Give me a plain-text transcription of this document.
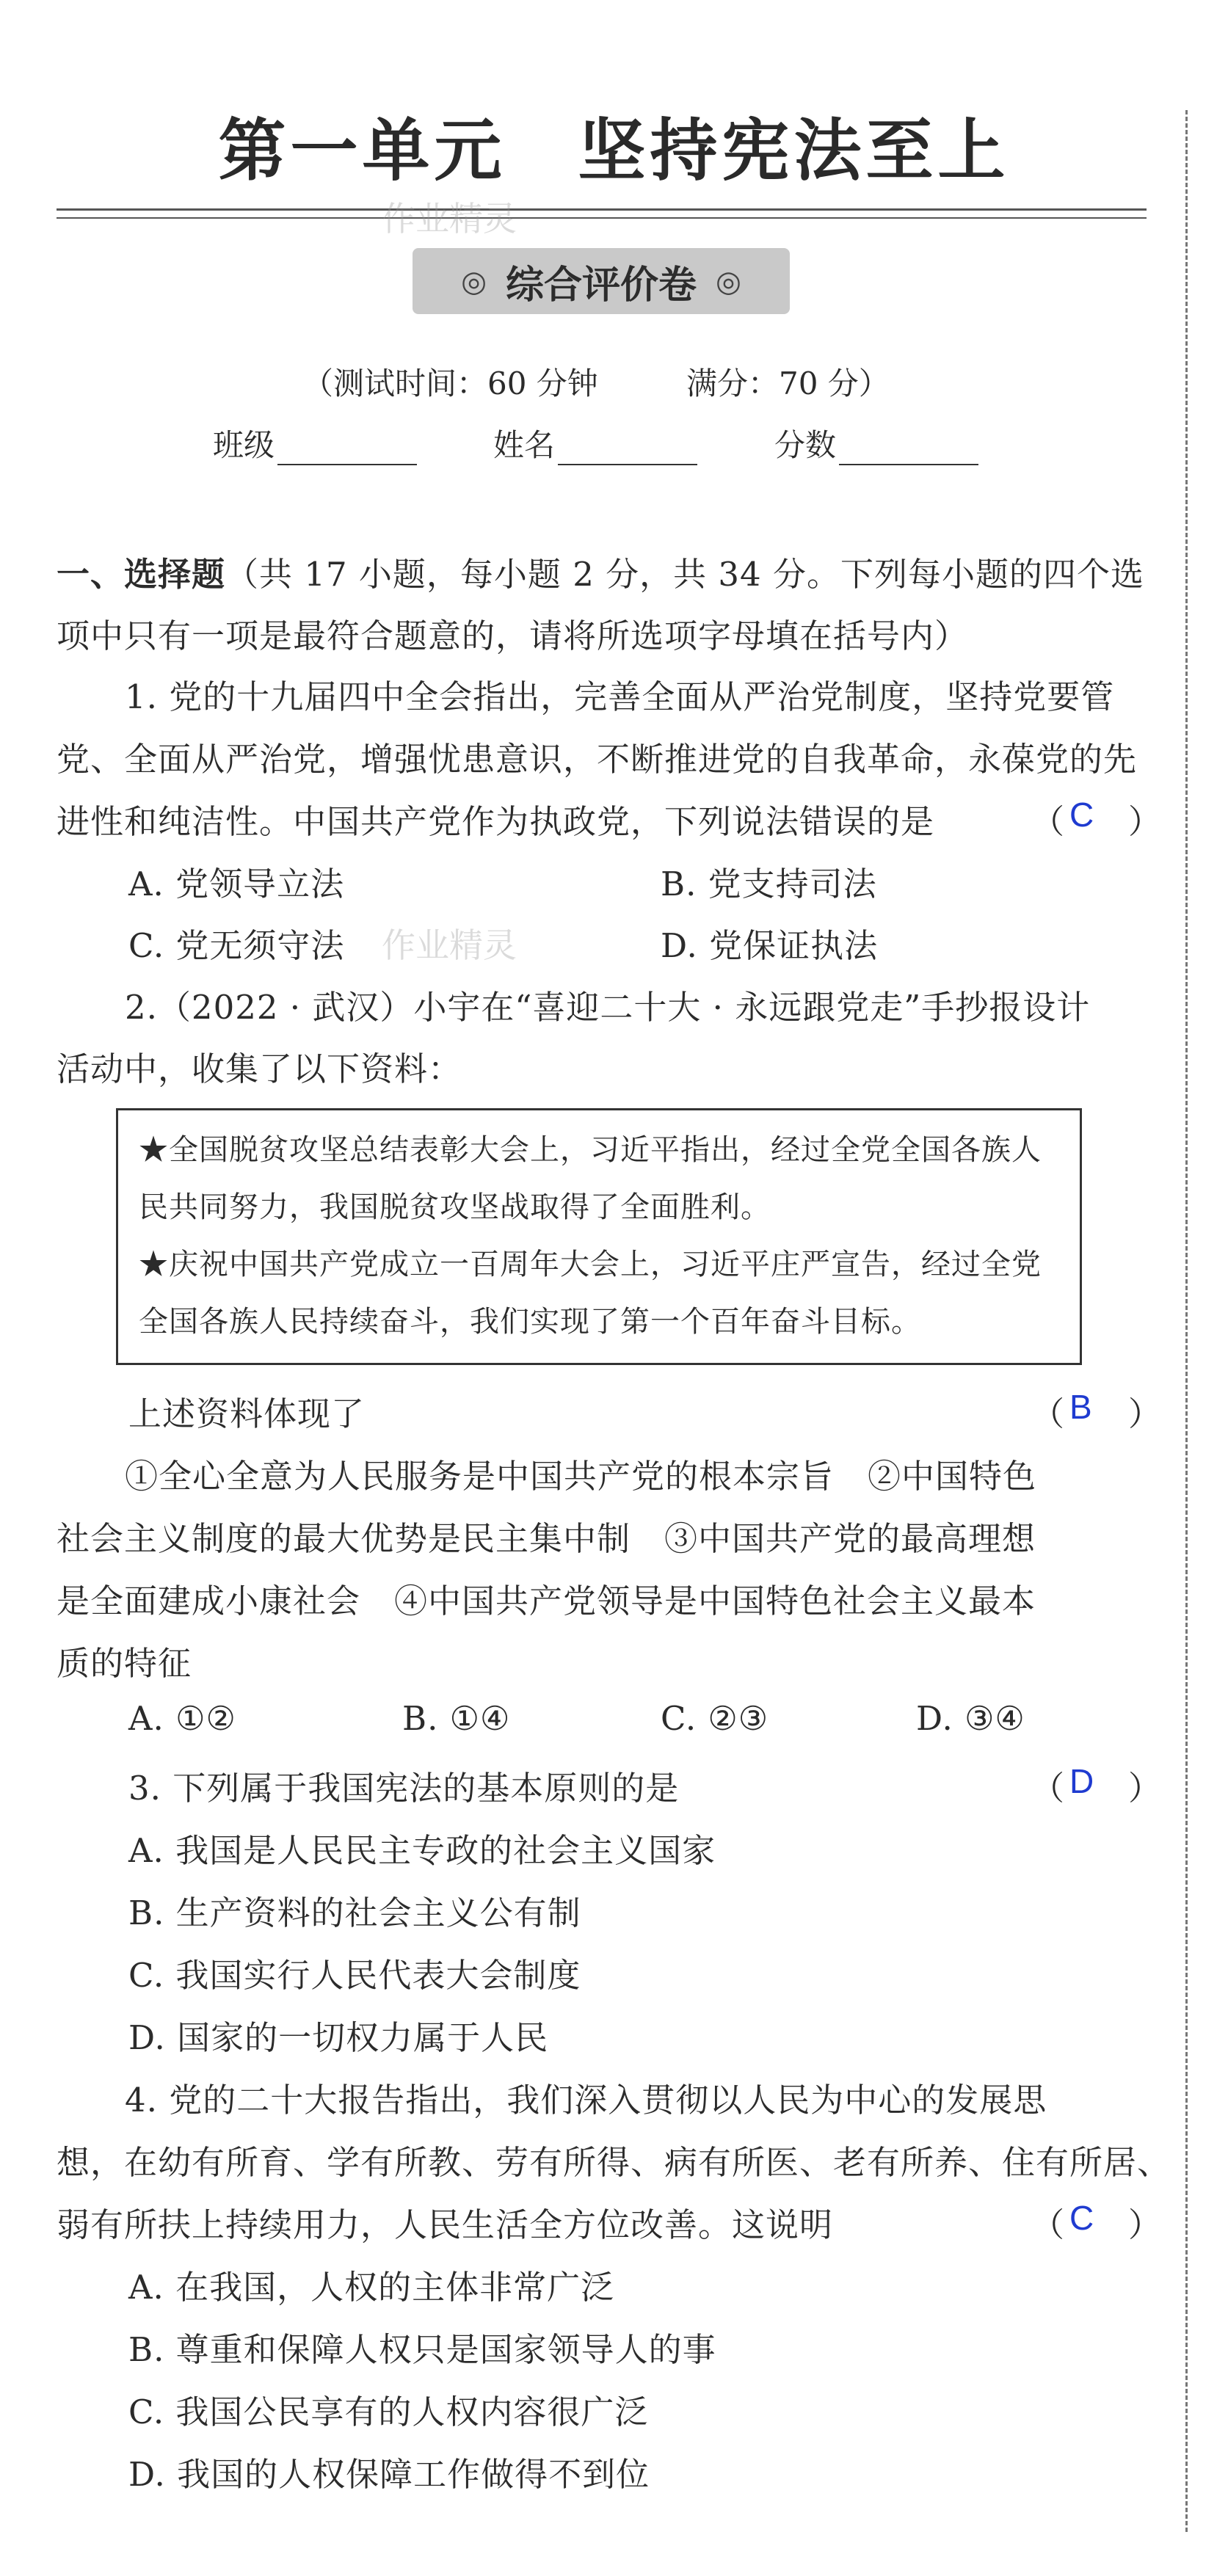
第一单元　坚持宪法至上
作业精灵
◎ 综合评价卷 ◎
（测试时间：60 分钟	满分：70 分）
班级	姓名	分数
一、选择题（共 17 小题，每小题 2 分，共 34 分。下列每小题的四个选
项中只有一项是最符合题意的，请将所选项字母填在括号内）
1. 党的十九届四中全会指出，完善全面从严治党制度，坚持党要管
党、全面从严治党，增强忧患意识，不断推进党的自我革命，永葆党的先
进性和纯洁性。中国共产党作为执政党，下列说法错误的是	（ C ）
A. 党领导立法	B. 党支持司法
C. 党无须守法	D. 党保证执法
作业精灵
2.（2022 · 武汉）小宇在“喜迎二十大 · 永远跟党走”手抄报设计
活动中，收集了以下资料：
★全国脱贫攻坚总结表彰大会上，习近平指出，经过全党全国各族人
民共同努力，我国脱贫攻坚战取得了全面胜利。
★庆祝中国共产党成立一百周年大会上，习近平庄严宣告，经过全党
全国各族人民持续奋斗，我们实现了第一个百年奋斗目标。
上述资料体现了	（ B ）
①全心全意为人民服务是中国共产党的根本宗旨　②中国特色
社会主义制度的最大优势是民主集中制　③中国共产党的最高理想
是全面建成小康社会　④中国共产党领导是中国特色社会主义最本
质的特征
A. ①②	B. ①④	C. ②③	D. ③④
3. 下列属于我国宪法的基本原则的是	（ D ）
A. 我国是人民民主专政的社会主义国家
B. 生产资料的社会主义公有制
C. 我国实行人民代表大会制度
D. 国家的一切权力属于人民
4. 党的二十大报告指出，我们深入贯彻以人民为中心的发展思
想，在幼有所育、学有所教、劳有所得、病有所医、老有所养、住有所居、
弱有所扶上持续用力，人民生活全方位改善。这说明	（ C ）
A. 在我国，人权的主体非常广泛
B. 尊重和保障人权只是国家领导人的事
C. 我国公民享有的人权内容很广泛
D. 我国的人权保障工作做得不到位
